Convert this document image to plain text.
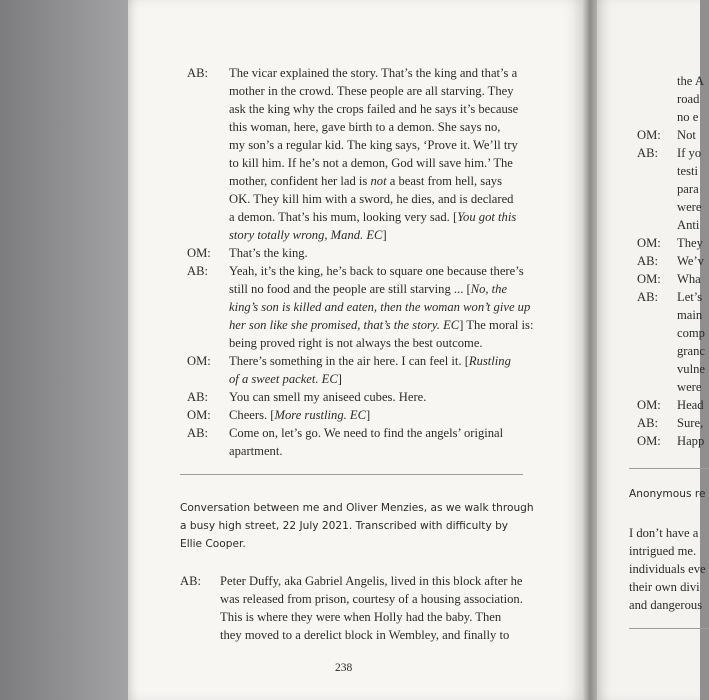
AB: The vicar explained the story. That’s the king and that’s a
mother in the crowd. These people are all starving. They
ask the king why the crops failed and he says it’s because
this woman, here, gave birth to a demon. She says no,
my son’s a regular kid. The king says, ‘Prove it. We’ll try
to kill him. If he’s not a demon, God will save him.’ The
mother, confident her lad is not a beast from hell, says
OK. They kill him with a sword, he dies, and is declared
a demon. That’s his mum, looking very sad. [You got this
story totally wrong, Mand. EC]
OM: That’s the king.
AB: Yeah, it’s the king, he’s back to square one because there’s
still no food and the people are still starving ... [No, the
king’s son is killed and eaten, then the woman won’t give up
her son like she promised, that’s the story. EC] The moral is:
being proved right is not always the best outcome.
OM: There’s something in the air here. I can feel it. [Rustling
of a sweet packet. EC]
AB: You can smell my aniseed cubes. Here.
OM: Cheers. [More rustling. EC]
AB: Come on, let’s go. We need to find the angels’ original
apartment.
Conversation between me and Oliver Menzies, as we walk through
a busy high street, 22 July 2021. Transcribed with difficulty by
Ellie Cooper.
AB: Peter Duffy, aka Gabriel Angelis, lived in this block after he
was released from prison, courtesy of a housing association.
This is where they were when Holly had the baby. Then
they moved to a derelict block in Wembley, and finally to
238
the A
road
no e
OM: Not
AB: If yo
testi
para
were
Anti
OM: They
AB: We’v
OM: Wha
AB: Let’s
main
comp
granc
vulne
were
OM: Head
AB: Sure,
OM: Happ
Anonymous re
I don’t have a
intrigued me.
individuals eve
their own divi
and dangerous
